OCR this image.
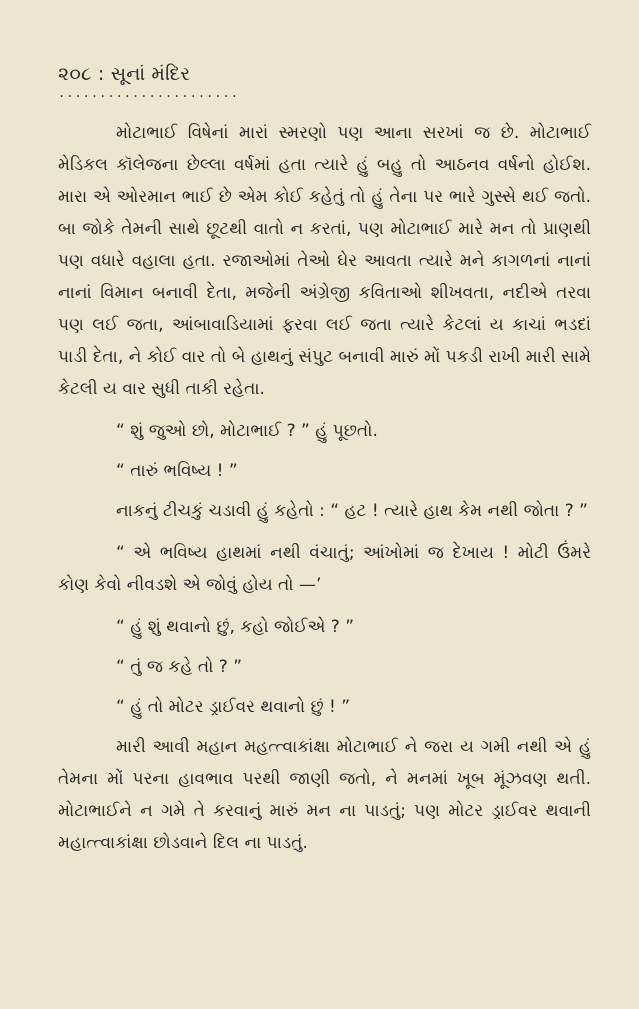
૨૦૮ : સૂનાં મંદિર
......................

મોટાભાઈ વિષેનાં મારાં સ્મરણો પણ આના સરખાં જ છે. મોટાભાઈ મેડિકલ કૉલેજના છેલ્લા વર્ષમાં હતા ત્યારે હું બહુ તો આઠનવ વર્ષનો હોઈશ. મારા એ ઓરમાન ભાઈ છે એમ કોઈ કહેતું તો હું તેના પર ભારે ગુસ્સે થઈ જતો. બા જોકે તેમની સાથે છૂટથી વાતો ન કરતાં, પણ મોટાભાઈ મારે મન તો પ્રાણથી પણ વધારે વહાલા હતા. રજાઓમાં તેઓ ઘેર આવતા ત્યારે મને કાગળનાં નાનાં નાનાં વિમાન બનાવી દેતા, મજેની અંગ્રેજી કવિતાઓ શીખવતા, નદીએ તરવા પણ લઈ જતા, આંબાવાડિયામાં ફરવા લઈ જતા ત્યારે કેટલાં ય કાચાં ભડદાં પાડી દેતા, ને કોઈ વાર તો બે હાથનું સંપુટ બનાવી મારું મોં પકડી રાખી મારી સામે કેટલી ય વાર સુધી તાકી રહેતા.

“ શું જુઓ છો, મોટાભાઈ ? ” હું પૂછતો.

“ તારું ભવિષ્ય ! ”

નાકનું ટીચકું ચડાવી હું કહેતો : “ હટ ! ત્યારે હાથ કેમ નથી જોતા ? ”

“ એ ભવિષ્ય હાથમાં નથી વંચાતું; આંખોમાં જ દેખાય ! મોટી ઉંમરે કોણ કેવો નીવડશે એ જોવું હોય તો —’

“ હું શું થવાનો છું, કહો જોઈએ ? ”

“ તું જ કહે તો ? ”

“ હું તો મોટર ડ્રાઈવર થવાનો છું ! ”

મારી આવી મહાન મહત્ત્વાકાંક્ષા મોટાભાઈ ને જરા ય ગમી નથી એ હું તેમના મોં પરના હાવભાવ પરથી જાણી જતો, ને મનમાં ખૂબ મૂંઝવણ થતી. મોટાભાઈને ન ગમે તે કરવાનું મારું મન ના પાડતું; પણ મોટર ડ્રાઈવર થવાની મહાત્ત્વાકાંક્ષા છોડવાને દિલ ના પાડતું.
